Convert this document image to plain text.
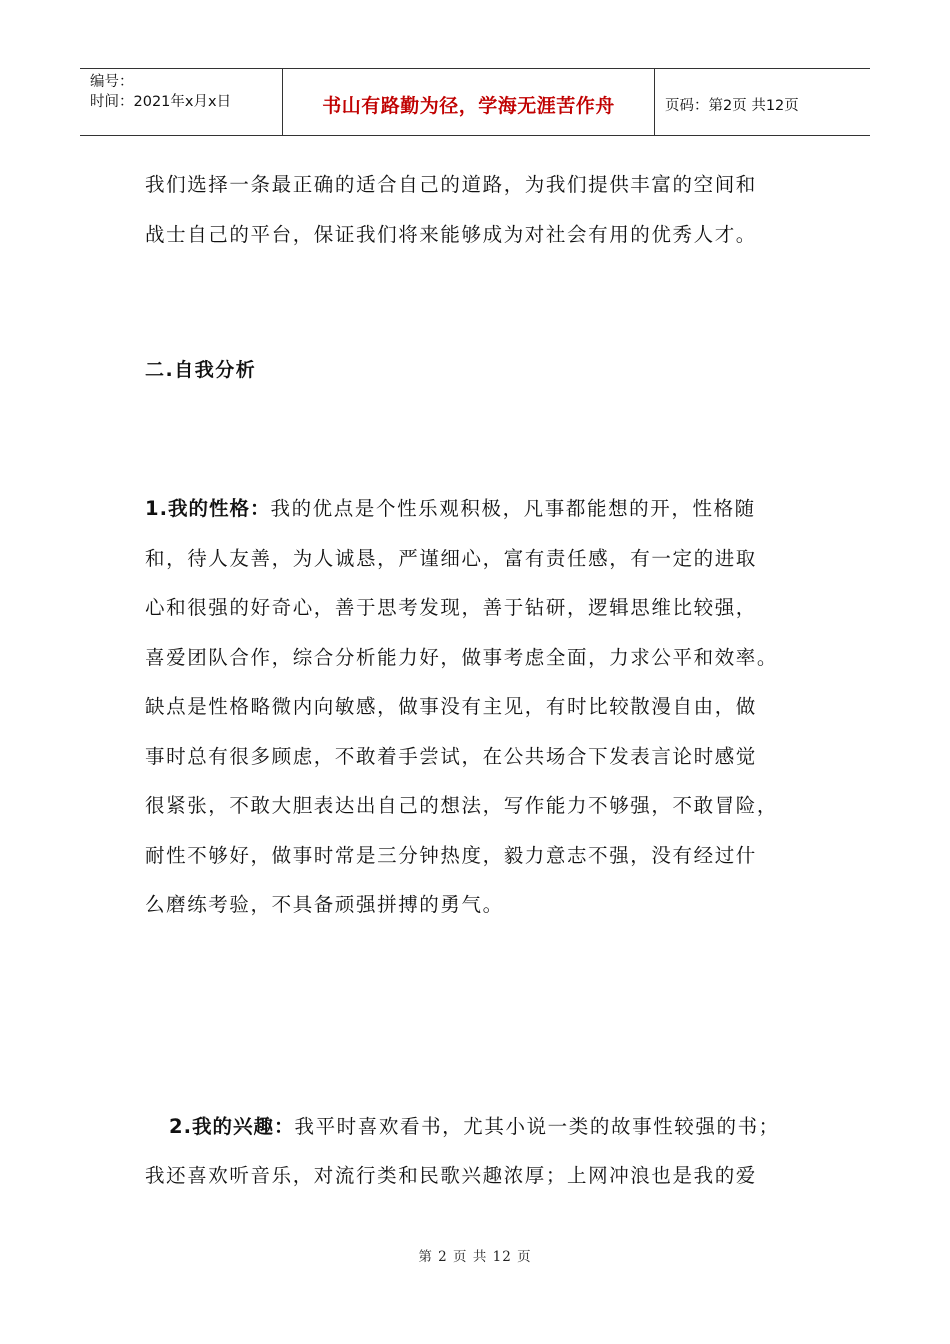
编号：
时间：2021年x月x日	书山有路勤为径，学海无涯苦作舟	页码：第2页 共12页

我们选择一条最正确的适合自己的道路，为我们提供丰富的空间和
战士自己的平台，保证我们将来能够成为对社会有用的优秀人才。

二.自我分析

1.我的性格：我的优点是个性乐观积极，凡事都能想的开，性格随
和，待人友善，为人诚恳，严谨细心，富有责任感，有一定的进取
心和很强的好奇心，善于思考发现，善于钻研，逻辑思维比较强，
喜爱团队合作，综合分析能力好，做事考虑全面，力求公平和效率。
缺点是性格略微内向敏感，做事没有主见，有时比较散漫自由，做
事时总有很多顾虑，不敢着手尝试，在公共场合下发表言论时感觉
很紧张，不敢大胆表达出自己的想法，写作能力不够强，不敢冒险，
耐性不够好，做事时常是三分钟热度，毅力意志不强，没有经过什
么磨练考验，不具备顽强拼搏的勇气。

2.我的兴趣：我平时喜欢看书，尤其小说一类的故事性较强的书；
我还喜欢听音乐，对流行类和民歌兴趣浓厚；上网冲浪也是我的爱

第 2 页 共 12 页
